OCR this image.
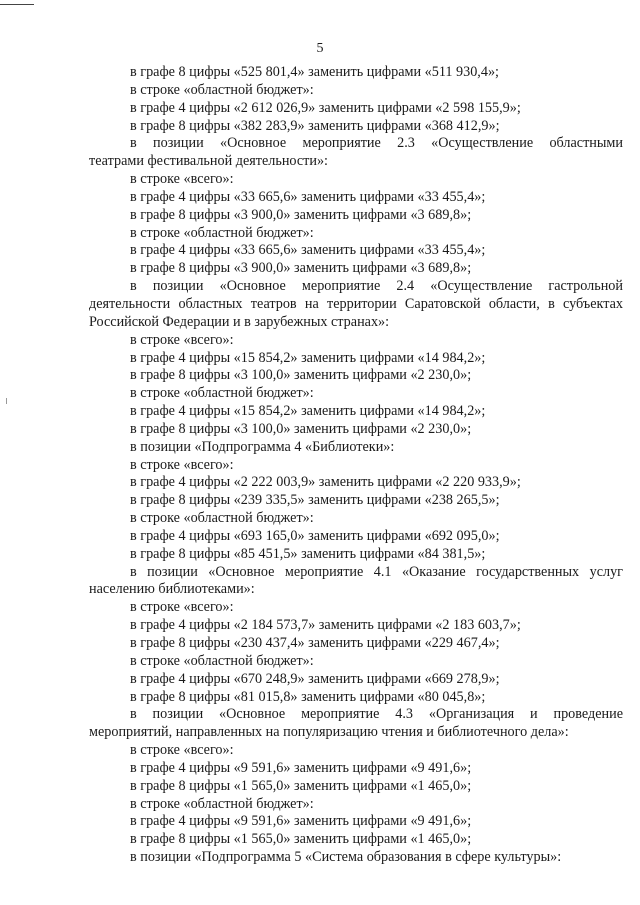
5
в графе 8 цифры «525 801,4» заменить цифрами «511 930,4»;
в строке «областной бюджет»:
в графе 4 цифры «2 612 026,9» заменить цифрами «2 598 155,9»;
в графе 8 цифры «382 283,9» заменить цифрами «368 412,9»;
в позиции «Основное мероприятие 2.3 «Осуществление областными
театрами фестивальной деятельности»:
в строке «всего»:
в графе 4 цифры «33 665,6» заменить цифрами «33 455,4»;
в графе 8 цифры «3 900,0» заменить цифрами «3 689,8»;
в строке «областной бюджет»:
в графе 4 цифры «33 665,6» заменить цифрами «33 455,4»;
в графе 8 цифры «3 900,0» заменить цифрами «3 689,8»;
в позиции «Основное мероприятие 2.4 «Осуществление гастрольной
деятельности областных театров на территории Саратовской области, в субъектах
Российской Федерации и в зарубежных странах»:
в строке «всего»:
в графе 4 цифры «15 854,2» заменить цифрами «14 984,2»;
в графе 8 цифры «3 100,0» заменить цифрами «2 230,0»;
в строке «областной бюджет»:
в графе 4 цифры «15 854,2» заменить цифрами «14 984,2»;
в графе 8 цифры «3 100,0» заменить цифрами «2 230,0»;
в позиции «Подпрограмма 4 «Библиотеки»:
в строке «всего»:
в графе 4 цифры «2 222 003,9» заменить цифрами «2 220 933,9»;
в графе 8 цифры «239 335,5» заменить цифрами «238 265,5»;
в строке «областной бюджет»:
в графе 4 цифры «693 165,0» заменить цифрами «692 095,0»;
в графе 8 цифры «85 451,5» заменить цифрами «84 381,5»;
в позиции «Основное мероприятие 4.1 «Оказание государственных услуг
населению библиотеками»:
в строке «всего»:
в графе 4 цифры «2 184 573,7» заменить цифрами «2 183 603,7»;
в графе 8 цифры «230 437,4» заменить цифрами «229 467,4»;
в строке «областной бюджет»:
в графе 4 цифры «670 248,9» заменить цифрами «669 278,9»;
в графе 8 цифры «81 015,8» заменить цифрами «80 045,8»;
в позиции «Основное мероприятие 4.3 «Организация и проведение
мероприятий, направленных на популяризацию чтения и библиотечного дела»:
в строке «всего»:
в графе 4 цифры «9 591,6» заменить цифрами «9 491,6»;
в графе 8 цифры «1 565,0» заменить цифрами «1 465,0»;
в строке «областной бюджет»:
в графе 4 цифры «9 591,6» заменить цифрами «9 491,6»;
в графе 8 цифры «1 565,0» заменить цифрами «1 465,0»;
в позиции «Подпрограмма 5 «Система образования в сфере культуры»:
